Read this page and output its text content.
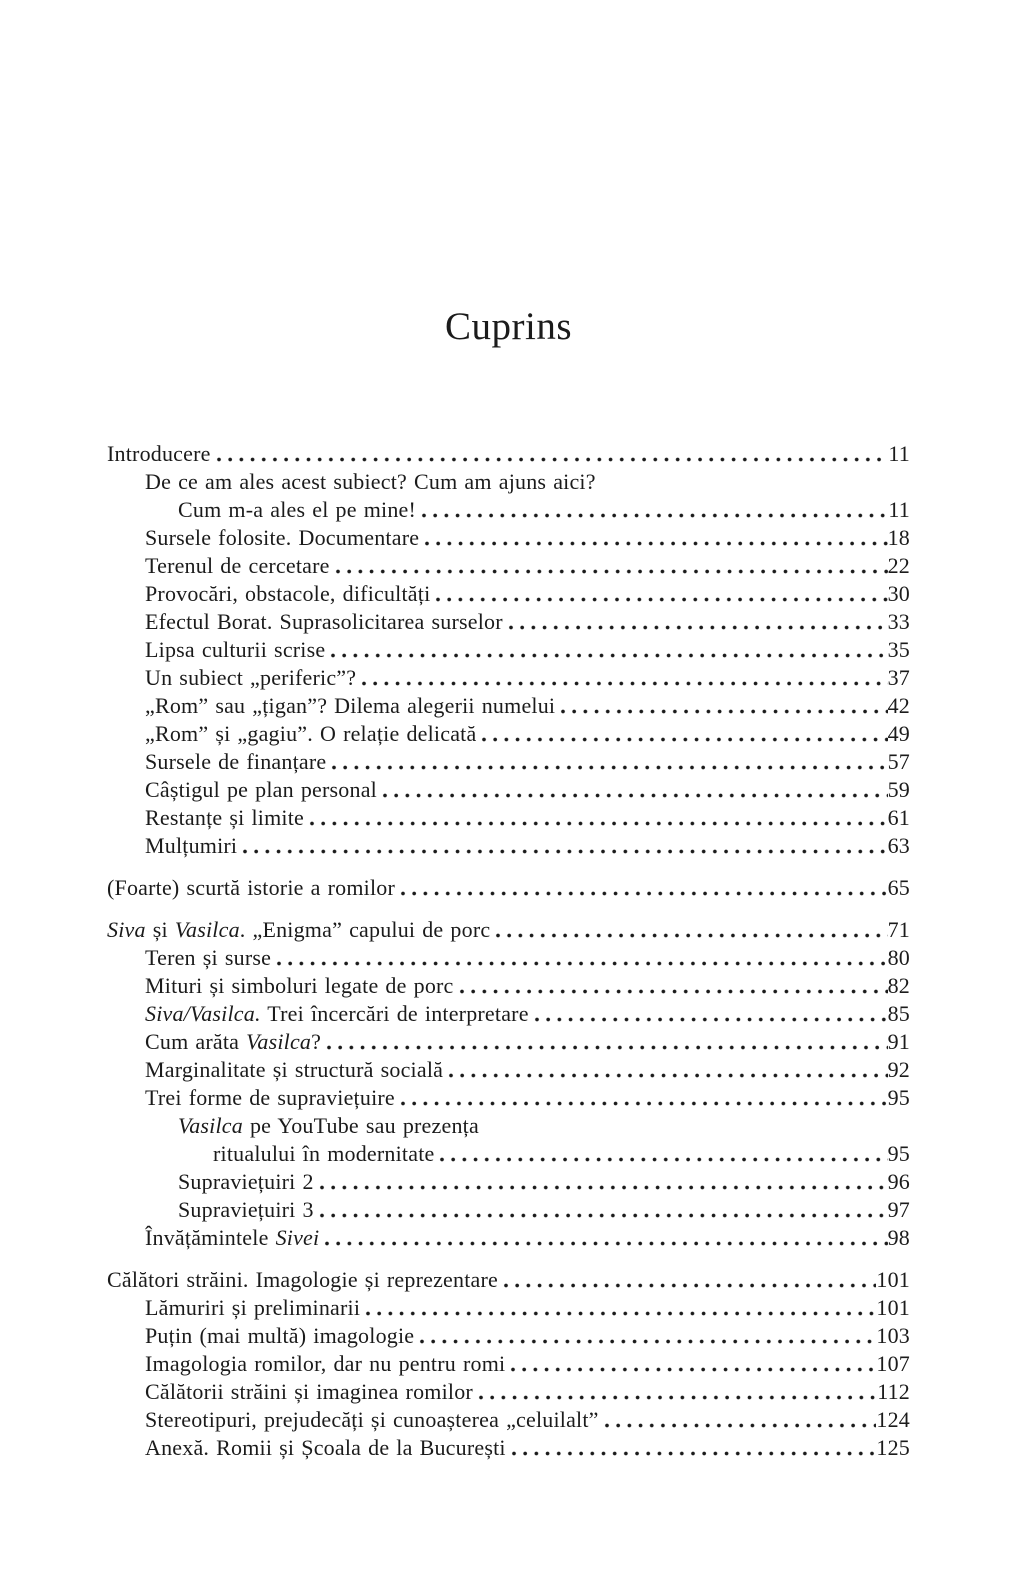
Cuprins
Introducere	11
De ce am ales acest subiect? Cum am ajuns aici?
Cum m-a ales el pe mine!	11
Sursele folosite. Documentare	18
Terenul de cercetare	22
Provocări, obstacole, dificultăți	30
Efectul Borat. Suprasolicitarea surselor	33
Lipsa culturii scrise	35
Un subiect „periferic”?	37
„Rom” sau „țigan”? Dilema alegerii numelui	42
„Rom” și „gagiu”. O relație delicată	49
Sursele de finanțare	57
Câștigul pe plan personal	59
Restanțe și limite	61
Mulțumiri	63
(Foarte) scurtă istorie a romilor	65
Siva și Vasilca. „Enigma” capului de porc	71
Teren și surse	80
Mituri și simboluri legate de porc	82
Siva/Vasilca. Trei încercări de interpretare	85
Cum arăta Vasilca?	91
Marginalitate și structură socială	92
Trei forme de supraviețuire	95
Vasilca pe YouTube sau prezența
ritualului în modernitate	95
Supraviețuiri 2	96
Supraviețuiri 3	97
Învățămintele Sivei	98
Călători străini. Imagologie și reprezentare	101
Lămuriri și preliminarii	101
Puțin (mai multă) imagologie	103
Imagologia romilor, dar nu pentru romi	107
Călătorii străini și imaginea romilor	112
Stereotipuri, prejudecăți și cunoașterea „celuilalt”	124
Anexă. Romii și Școala de la București	125
